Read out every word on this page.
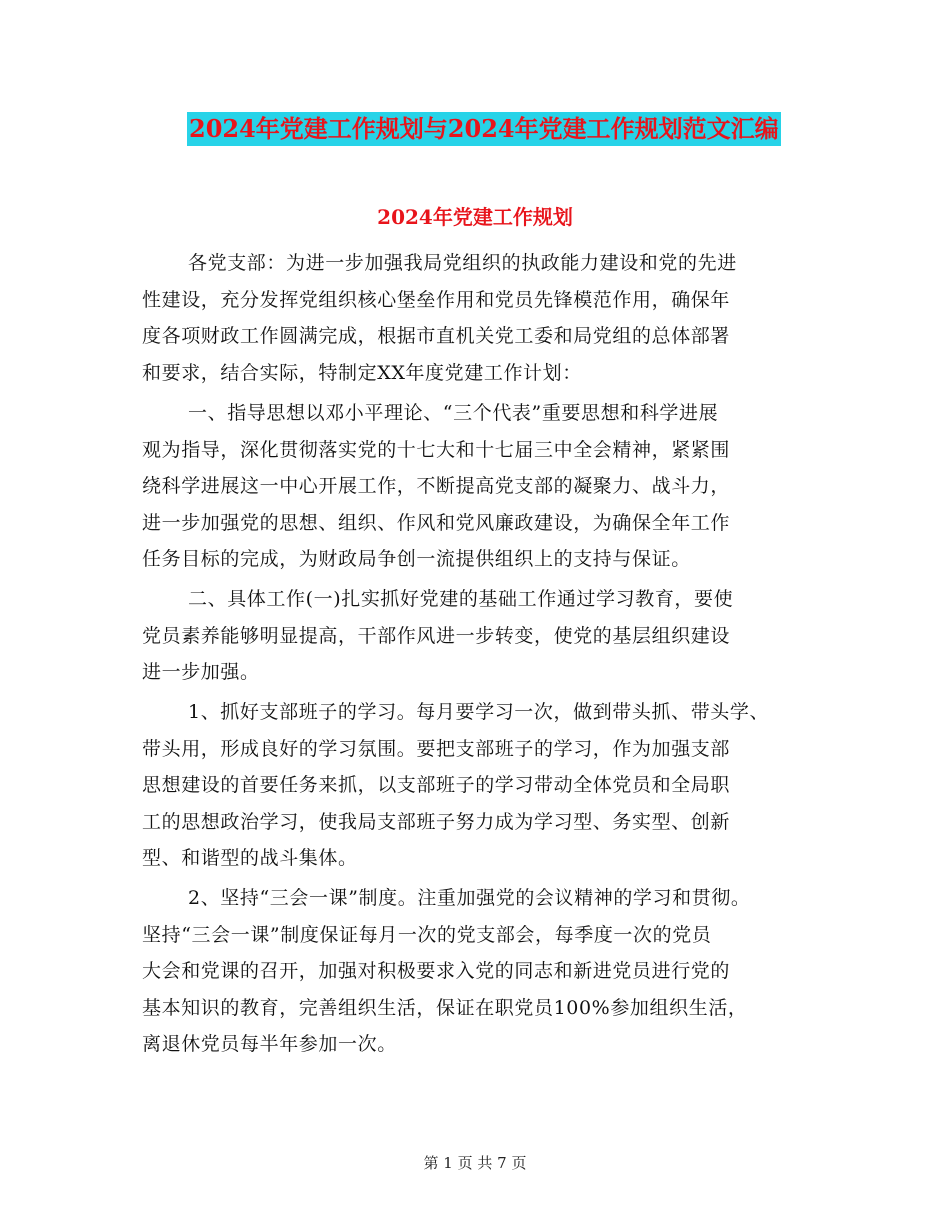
2024年党建工作规划与2024年党建工作规划范文汇编
2024年党建工作规划
各党支部：为进一步加强我局党组织的执政能力建设和党的先进
性建设，充分发挥党组织核心堡垒作用和党员先锋模范作用，确保年
度各项财政工作圆满完成，根据市直机关党工委和局党组的总体部署
和要求，结合实际，特制定XX年度党建工作计划：
一、指导思想以邓小平理论、“三个代表”重要思想和科学进展
观为指导，深化贯彻落实党的十七大和十七届三中全会精神，紧紧围
绕科学进展这一中心开展工作，不断提高党支部的凝聚力、战斗力，
进一步加强党的思想、组织、作风和党风廉政建设，为确保全年工作
任务目标的完成，为财政局争创一流提供组织上的支持与保证。
二、具体工作(一)扎实抓好党建的基础工作通过学习教育，要使
党员素养能够明显提高，干部作风进一步转变，使党的基层组织建设
进一步加强。
1、抓好支部班子的学习。每月要学习一次，做到带头抓、带头学、
带头用，形成良好的学习氛围。要把支部班子的学习，作为加强支部
思想建设的首要任务来抓，以支部班子的学习带动全体党员和全局职
工的思想政治学习，使我局支部班子努力成为学习型、务实型、创新
型、和谐型的战斗集体。
2、坚持“三会一课”制度。注重加强党的会议精神的学习和贯彻。
坚持“三会一课”制度保证每月一次的党支部会，每季度一次的党员
大会和党课的召开，加强对积极要求入党的同志和新进党员进行党的
基本知识的教育，完善组织生活，保证在职党员100%参加组织生活，
离退休党员每半年参加一次。
第 1 页 共 7 页
